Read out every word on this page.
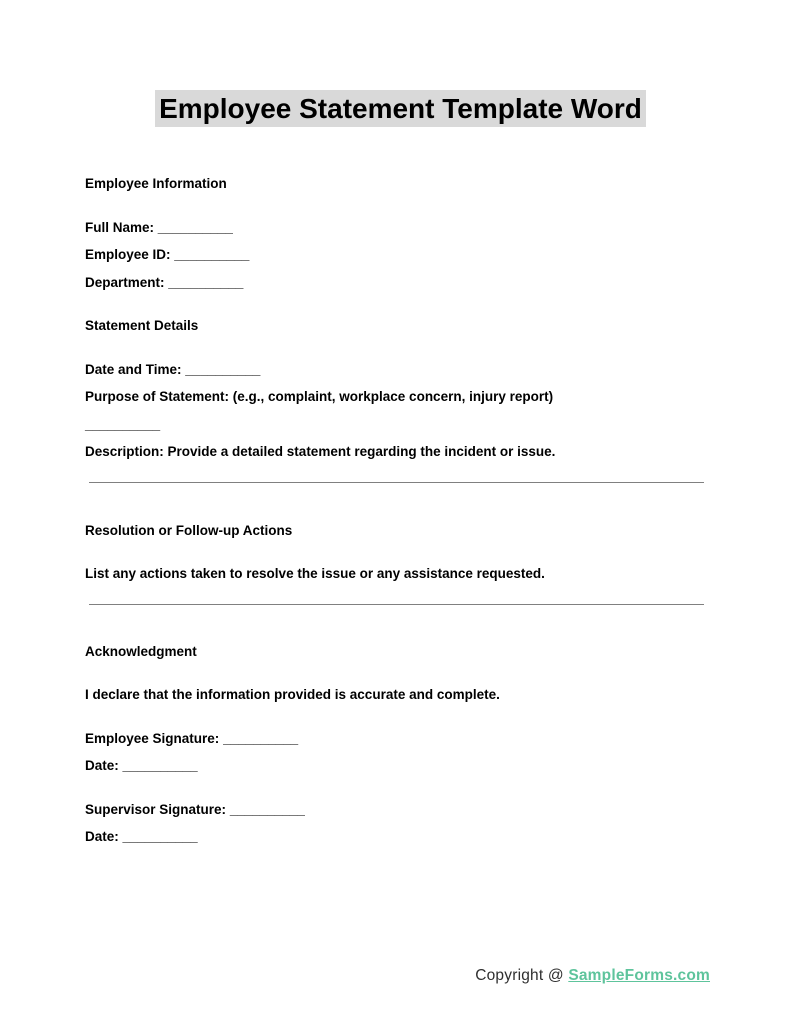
Employee Statement Template Word

Employee Information

Full Name: __________
Employee ID: __________
Department: __________

Statement Details

Date and Time: __________
Purpose of Statement: (e.g., complaint, workplace concern, injury report)
__________
Description: Provide a detailed statement regarding the incident or issue.

Resolution or Follow-up Actions

List any actions taken to resolve the issue or any assistance requested.

Acknowledgment

I declare that the information provided is accurate and complete.

Employee Signature: __________
Date: __________
Supervisor Signature: __________
Date: __________
Copyright @ SampleForms.com
